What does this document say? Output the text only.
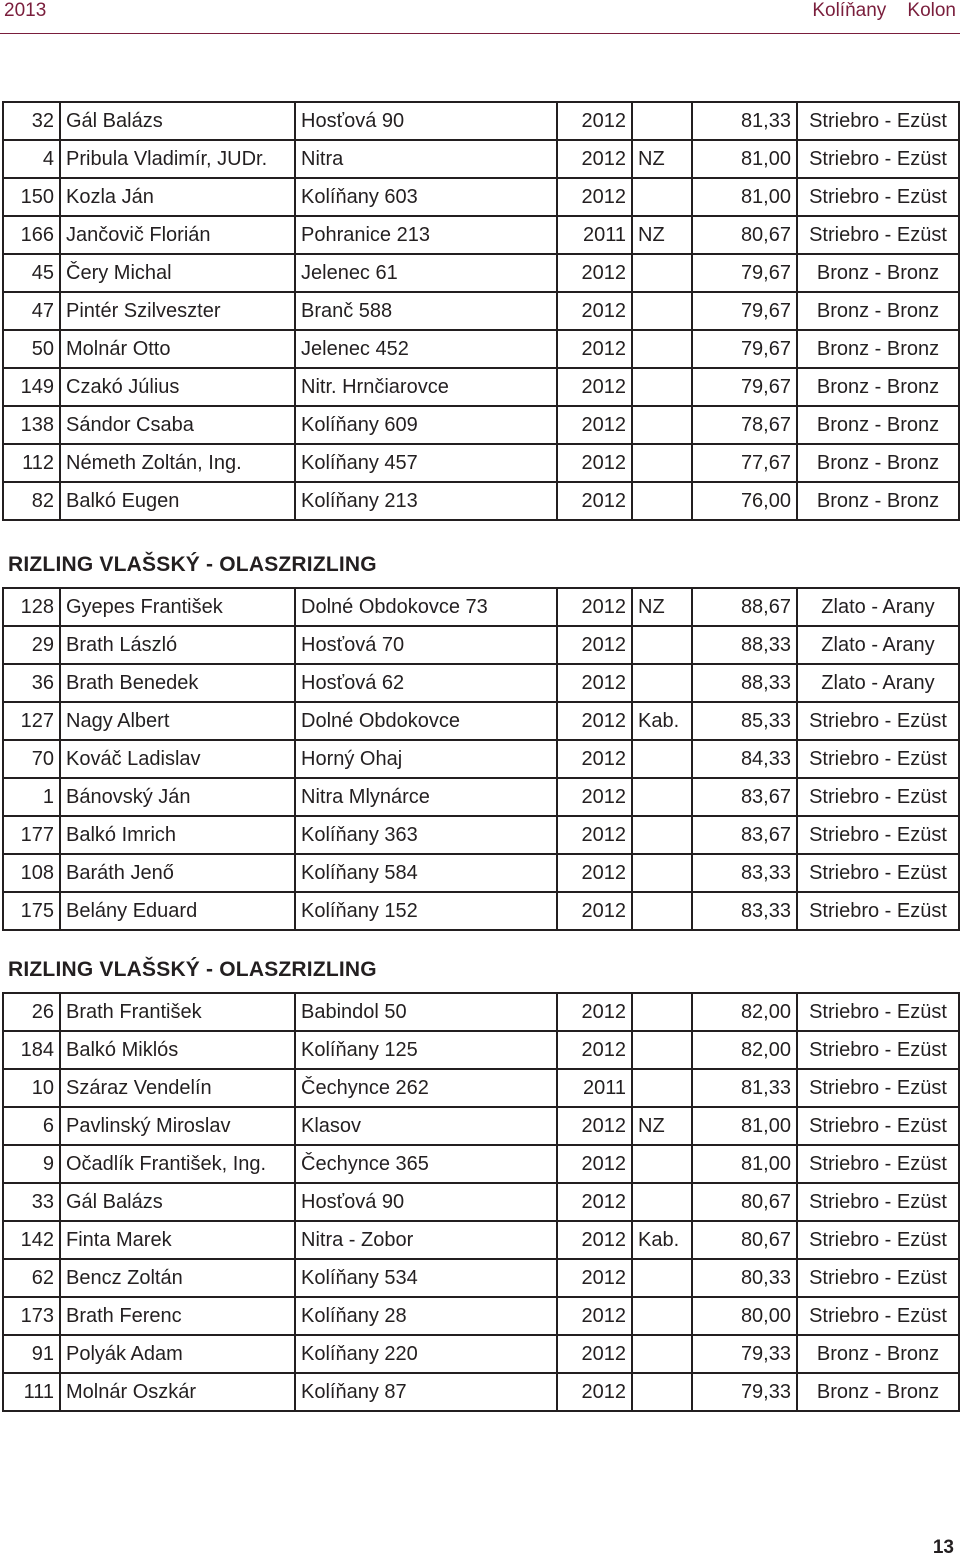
2013	Kolíňany    Kolon
32	Gál Balázs	Hosťová 90	2012		81,33	Striebro - Ezüst
4	Pribula Vladimír, JUDr.	Nitra	2012	NZ	81,00	Striebro - Ezüst
150	Kozla Ján	Kolíňany 603	2012		81,00	Striebro - Ezüst
166	Jančovič Florián	Pohranice 213	2011	NZ	80,67	Striebro - Ezüst
45	Čery Michal	Jelenec 61	2012		79,67	Bronz - Bronz
47	Pintér Szilveszter	Branč 588	2012		79,67	Bronz - Bronz
50	Molnár Otto	Jelenec 452	2012		79,67	Bronz - Bronz
149	Czakó Július	Nitr. Hrnčiarovce	2012		79,67	Bronz - Bronz
138	Sándor Csaba	Kolíňany 609	2012		78,67	Bronz - Bronz
112	Németh Zoltán, Ing.	Kolíňany 457	2012		77,67	Bronz - Bronz
82	Balkó Eugen	Kolíňany 213	2012		76,00	Bronz - Bronz
RIZLING VLAŠSKÝ - OLASZRIZLING
128	Gyepes František	Dolné Obdokovce 73	2012	NZ	88,67	Zlato - Arany
29	Brath László	Hosťová 70	2012		88,33	Zlato - Arany
36	Brath Benedek	Hosťová 62	2012		88,33	Zlato - Arany
127	Nagy Albert	Dolné Obdokovce	2012	Kab.	85,33	Striebro - Ezüst
70	Kováč Ladislav	Horný Ohaj	2012		84,33	Striebro - Ezüst
1	Bánovský Ján	Nitra Mlynárce	2012		83,67	Striebro - Ezüst
177	Balkó Imrich	Kolíňany 363	2012		83,67	Striebro - Ezüst
108	Baráth Jenő	Kolíňany 584	2012		83,33	Striebro - Ezüst
175	Belány Eduard	Kolíňany 152	2012		83,33	Striebro - Ezüst
RIZLING VLAŠSKÝ - OLASZRIZLING
26	Brath František	Babindol 50	2012		82,00	Striebro - Ezüst
184	Balkó Miklós	Kolíňany 125	2012		82,00	Striebro - Ezüst
10	Száraz Vendelín	Čechynce 262	2011		81,33	Striebro - Ezüst
6	Pavlinský Miroslav	Klasov	2012	NZ	81,00	Striebro - Ezüst
9	Očadlík František, Ing.	Čechynce 365	2012		81,00	Striebro - Ezüst
33	Gál Balázs	Hosťová 90	2012		80,67	Striebro - Ezüst
142	Finta Marek	Nitra - Zobor	2012	Kab.	80,67	Striebro - Ezüst
62	Bencz Zoltán	Kolíňany 534	2012		80,33	Striebro - Ezüst
173	Brath Ferenc	Kolíňany 28	2012		80,00	Striebro - Ezüst
91	Polyák Adam	Kolíňany 220	2012		79,33	Bronz - Bronz
111	Molnár Oszkár	Kolíňany 87	2012		79,33	Bronz - Bronz
13
